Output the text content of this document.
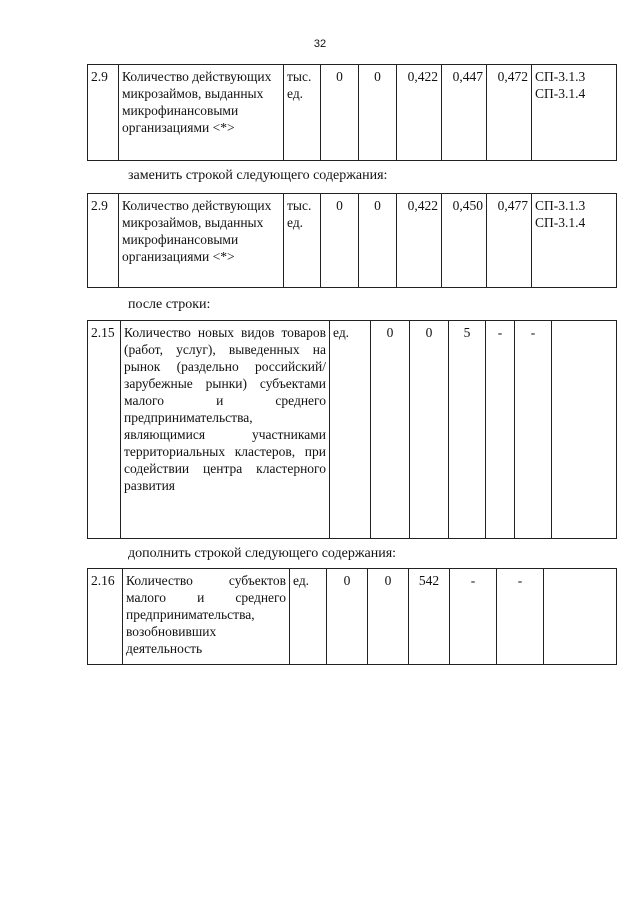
32
2.9	Количество действующих микрозаймов, выданных микрофинансовыми организациями <*>	тыс. ед.	0	0	0,422	0,447	0,472	СП-3.1.3
СП-3.1.4
заменить строкой следующего содержания:
2.9	Количество действующих микрозаймов, выданных микрофинансовыми организациями <*>	тыс. ед.	0	0	0,422	0,450	0,477	СП-3.1.3
СП-3.1.4
после строки:
2.15	Количество новых видов товаров (работ, услуг), выведенных на рынок (раздельно российский/зарубежные рынки) субъектами малого и среднего предпринимательства, являющимися участниками территориальных кластеров, при содействии центра кластерного развития	ед.	0	0	5	-	-	
дополнить строкой следующего содержания:
2.16	Количество субъектов малого и среднего предпринимательства, возобновивших деятельность	ед.	0	0	542	-	-	
